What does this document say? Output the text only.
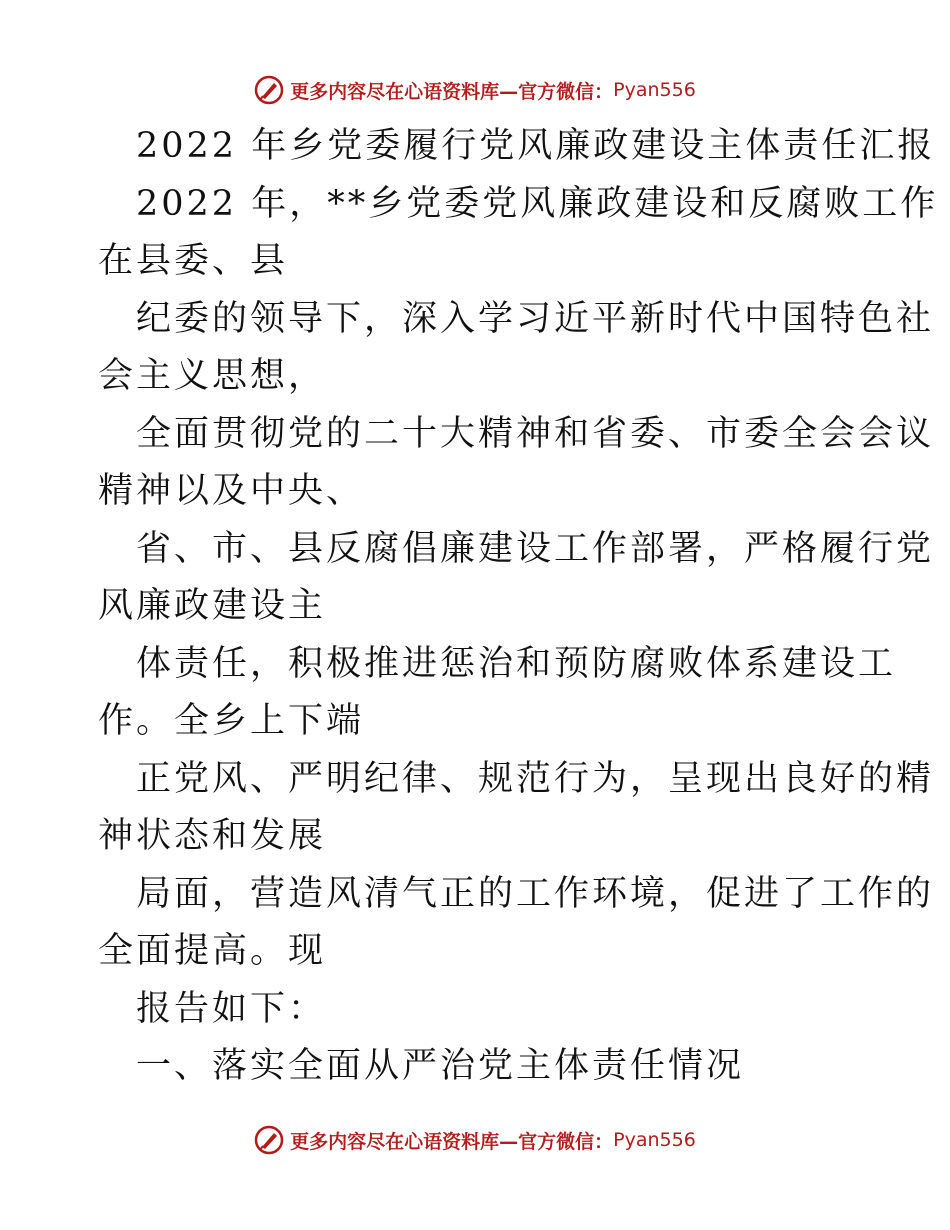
更多内容尽在心语资料库—官方微信： Pyan556
2022 年乡党委履行党风廉政建设主体责任汇报
2022 年，**乡党委党风廉政建设和反腐败工作
在县委、县
纪委的领导下，深入学习近平新时代中国特色社
会主义思想，
全面贯彻党的二十大精神和省委、市委全会会议
精神以及中央、
省、市、县反腐倡廉建设工作部署，严格履行党
风廉政建设主
体责任，积极推进惩治和预防腐败体系建设工
作。全乡上下端
正党风、严明纪律、规范行为，呈现出良好的精
神状态和发展
局面，营造风清气正的工作环境，促进了工作的
全面提高。现
报告如下：
一、落实全面从严治党主体责任情况
更多内容尽在心语资料库—官方微信： Pyan556
